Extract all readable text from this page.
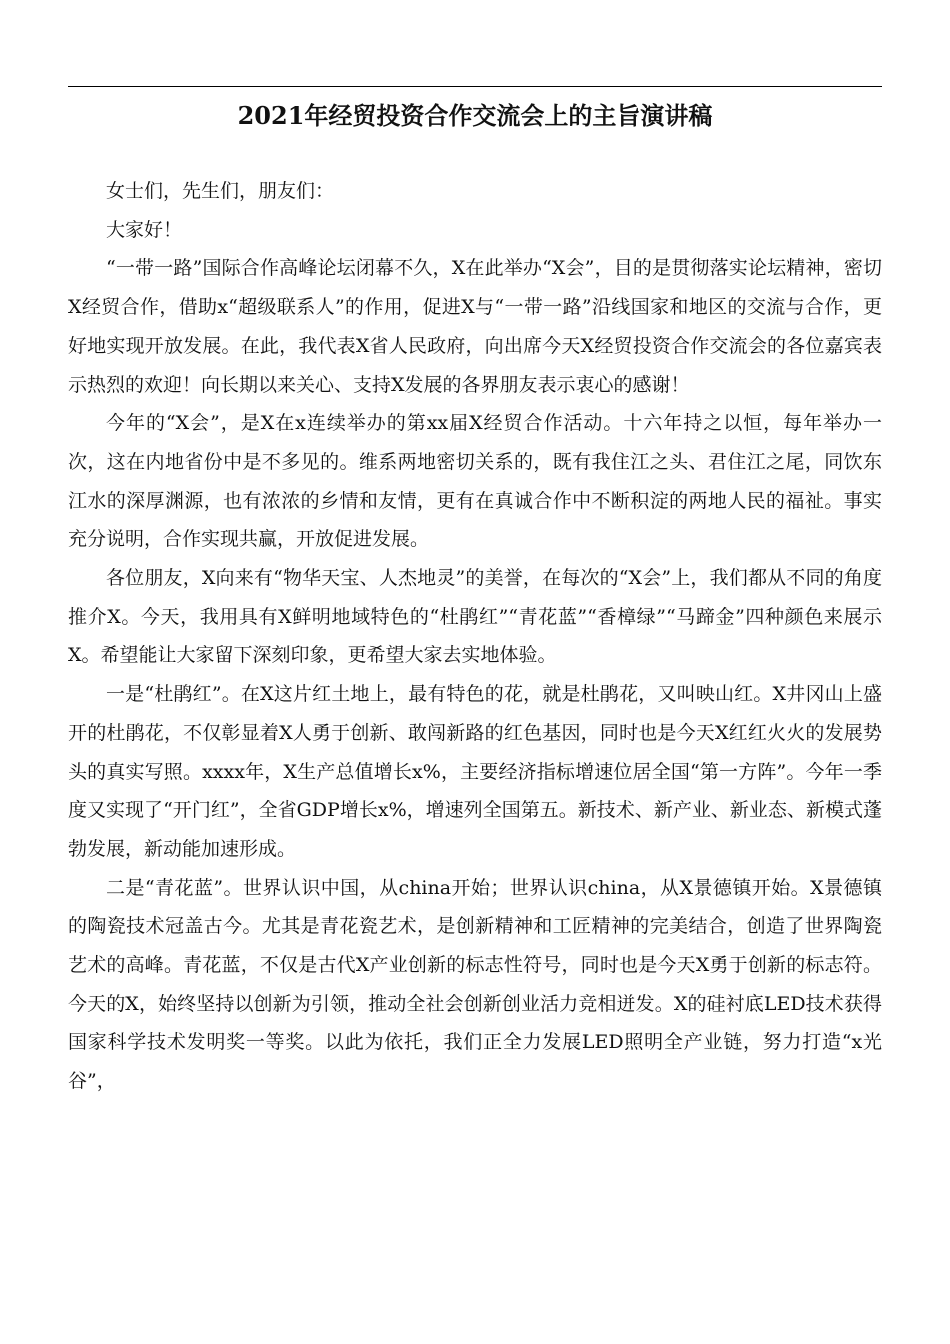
2021年经贸投资合作交流会上的主旨演讲稿

女士们，先生们，朋友们：

大家好！

“一带一路”国际合作高峰论坛闭幕不久，X在此举办“X会”，目的是贯彻落实论坛精神，密切X经贸合作，借助x“超级联系人”的作用，促进X与“一带一路”沿线国家和地区的交流与合作，更好地实现开放发展。在此，我代表X省人民政府，向出席今天X经贸投资合作交流会的各位嘉宾表示热烈的欢迎！向长期以来关心、支持X发展的各界朋友表示衷心的感谢！

今年的“X会”，是X在x连续举办的第xx届X经贸合作活动。十六年持之以恒，每年举办一次，这在内地省份中是不多见的。维系两地密切关系的，既有我住江之头、君住江之尾，同饮东江水的深厚渊源，也有浓浓的乡情和友情，更有在真诚合作中不断积淀的两地人民的福祉。事实充分说明，合作实现共赢，开放促进发展。

各位朋友，X向来有“物华天宝、人杰地灵”的美誉，在每次的“X会”上，我们都从不同的角度推介X。今天，我用具有X鲜明地域特色的“杜鹃红”“青花蓝”“香樟绿”“马蹄金”四种颜色来展示X。希望能让大家留下深刻印象，更希望大家去实地体验。

一是“杜鹃红”。在X这片红土地上，最有特色的花，就是杜鹃花，又叫映山红。X井冈山上盛开的杜鹃花，不仅彰显着X人勇于创新、敢闯新路的红色基因，同时也是今天X红红火火的发展势头的真实写照。xxxx年，X生产总值增长x%，主要经济指标增速位居全国“第一方阵”。今年一季度又实现了“开门红”，全省GDP增长x%，增速列全国第五。新技术、新产业、新业态、新模式蓬勃发展，新动能加速形成。

二是“青花蓝”。世界认识中国，从china开始；世界认识china，从X景德镇开始。X景德镇的陶瓷技术冠盖古今。尤其是青花瓷艺术，是创新精神和工匠精神的完美结合，创造了世界陶瓷艺术的高峰。青花蓝，不仅是古代X产业创新的标志性符号，同时也是今天X勇于创新的标志符。今天的X，始终坚持以创新为引领，推动全社会创新创业活力竞相迸发。X的硅衬底LED技术获得国家科学技术发明奖一等奖。以此为依托，我们正全力发展LED照明全产业链，努力打造“x光谷”，
